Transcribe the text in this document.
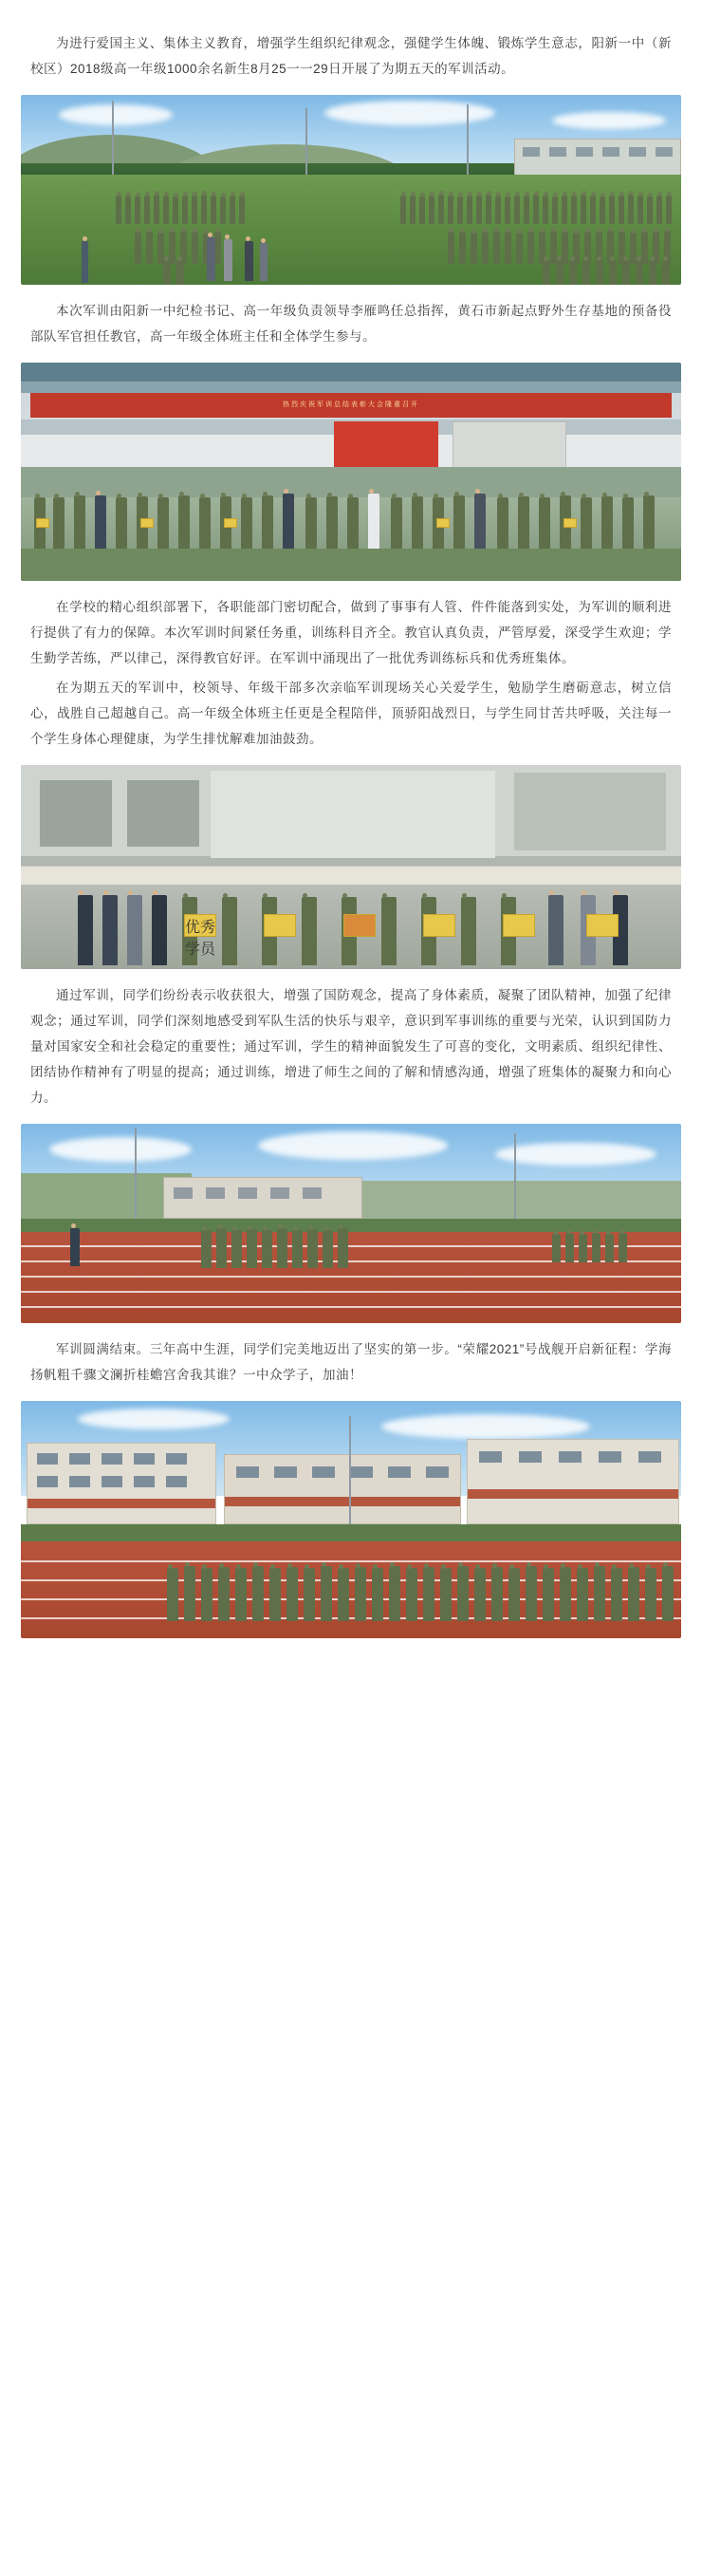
为进行爱国主义、集体主义教育，增强学生组织纪律观念，强健学生体魄、锻炼学生意志，阳新一中（新校区）2018级高一年级1000余名新生8月25一一29日开展了为期五天的军训活动。

本次军训由阳新一中纪检书记、高一年级负责领导李雁鸣任总指挥，黄石市新起点野外生存基地的预备役部队军官担任教官，高一年级全体班主任和全体学生参与。

热烈庆祝军训总结表彰大会隆重召开

在学校的精心组织部署下，各职能部门密切配合，做到了事事有人管、件件能落到实处，为军训的顺利进行提供了有力的保障。本次军训时间紧任务重，训练科目齐全。教官认真负责，严管厚爱，深受学生欢迎；学生勤学苦练，严以律己，深得教官好评。在军训中涌现出了一批优秀训练标兵和优秀班集体。

在为期五天的军训中，校领导、年级干部多次亲临军训现场关心关爱学生，勉励学生磨砺意志，树立信心，战胜自己超越自己。高一年级全体班主任更是全程陪伴，顶骄阳战烈日，与学生同甘苦共呼吸，关注每一个学生身体心理健康，为学生排忧解难加油鼓劲。

优秀学员

通过军训，同学们纷纷表示收获很大，增强了国防观念，提高了身体素质，凝聚了团队精神，加强了纪律观念；通过军训，同学们深刻地感受到军队生活的快乐与艰辛，意识到军事训练的重要与光荣，认识到国防力量对国家安全和社会稳定的重要性；通过军训，学生的精神面貌发生了可喜的变化，文明素质、组织纪律性、团结协作精神有了明显的提高；通过训练，增进了师生之间的了解和情感沟通，增强了班集体的凝聚力和向心力。

军训圆满结束。三年高中生涯，同学们完美地迈出了坚实的第一步。“荣耀2021”号战舰开启新征程：学海扬帆粗千骤文澜折桂蟾宫舍我其谁？一中众学子，加油！
